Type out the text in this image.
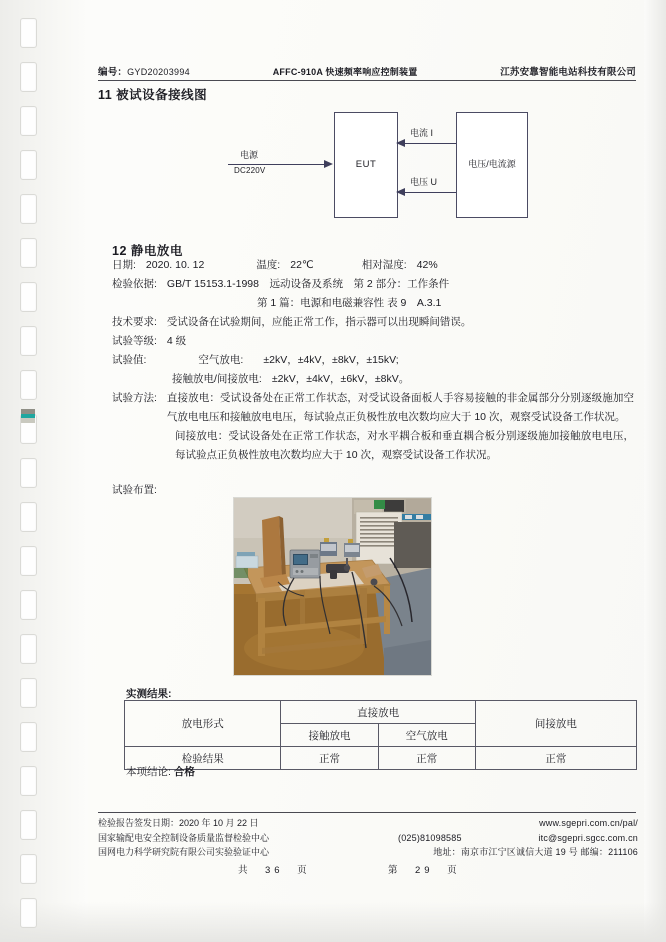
编号：GYD20203994	AFFC-910A 快速频率响应控制装置	江苏安靠智能电站科技有限公司
11 被试设备接线图
EUT	电压/电流源
电源
DC220V
电流 I
电压 U
12 静电放电
日期: 2020. 10. 12	温度: 22℃	相对湿度: 42%
检验依据: GB/T 15153.1-1998　远动设备及系统　第 2 部分：工作条件
第 1 篇：电源和电磁兼容性 表 9　A.3.1
技术要求: 受试设备在试验期间，应能正常工作，指示器可以出现瞬间错误。
试验等级: 4 级
试验值:	空气放电: ±2kV，±4kV，±8kV，±15kV;
接触放电/间接放电: ±2kV，±4kV，±6kV，±8kV。
试验方法: 直接放电：受试设备处在正常工作状态，对受试设备面板人手容易接触的非金属部分分别逐级施加空气放电电压和接触放电电压，每试验点正负极性放电次数均应大于 10 次，观察受试设备工作状况。
间接放电：受试设备处在正常工作状态，对水平耦合板和垂直耦合板分别逐级施加接触放电电压，每试验点正负极性放电次数均应大于 10 次，观察受试设备工作状况。
试验布置:
实测结果:
放电形式	直接放电		间接放电
	接触放电	空气放电	
检验结果	正常	正常	正常
本项结论: 合格
检验报告签发日期：2020 年 10 月 22 日	www.sgepri.com.cn/pal/
国家输配电安全控制设备质量监督检验中心	(025)81098585	itc@sgepri.sgcc.com.cn
国网电力科学研究院有限公司实验验证中心	地址：南京市江宁区诚信大道 19 号 邮编：211106
共　36　页	第　29　页
